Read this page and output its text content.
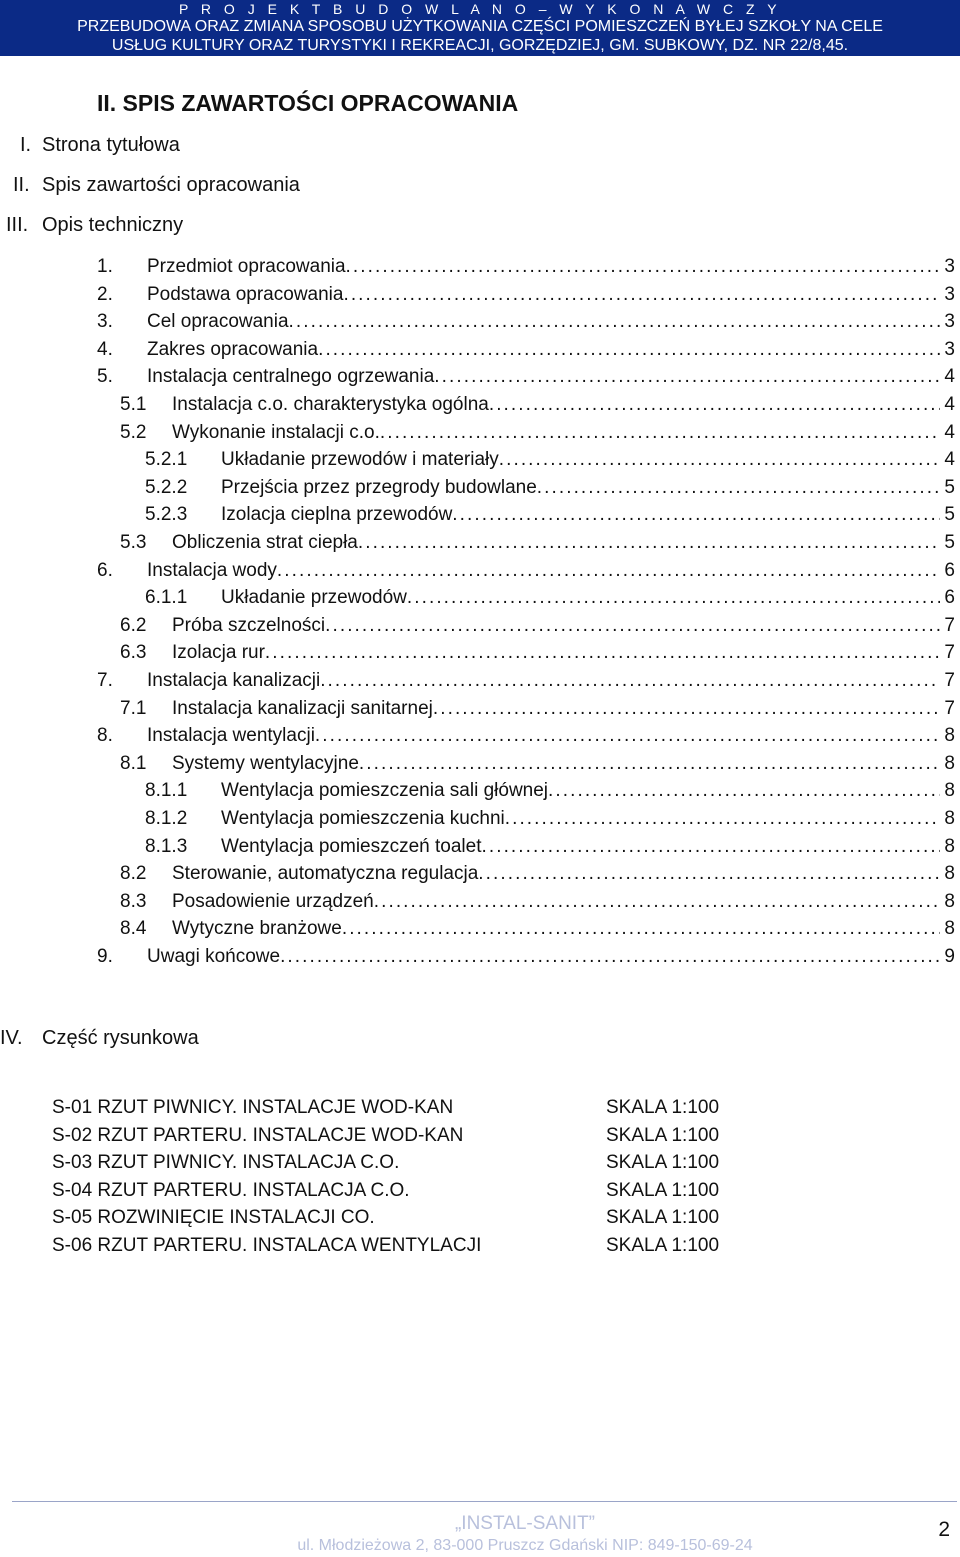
P R O J E K T B U D O W L A N O – W Y K O N A W C Z Y
PRZEBUDOWA ORAZ ZMIANA SPOSOBU UŻYTKOWANIA CZĘŚCI POMIESZCZEŃ BYŁEJ SZKOŁY NA CELE
USŁUG KULTURY ORAZ TURYSTYKI I REKREACJI, GORZĘDZIEJ, GM. SUBKOWY, DZ. NR 22/8,45.
II. SPIS ZAWARTOŚCI OPRACOWANIA
I. Strona tytułowa
II. Spis zawartości opracowania
III. Opis techniczny
IV. Część rysunkowa
1.	Przedmiot opracowania . . .	3
2.	Podstawa opracowania . . .	3
3.	Cel opracowania . . .	3
4.	Zakres opracowania . . .	3
5.	Instalacja centralnego ogrzewania . . .	4
5.1	Instalacja c.o. charakterystyka ogólna . . .	4
5.2	Wykonanie instalacji c.o. . . .	4
5.2.1	Układanie przewodów i materiały . . .	4
5.2.2	Przejścia przez przegrody budowlane . . .	5
5.2.3	Izolacja cieplna przewodów . . .	5
5.3	Obliczenia strat ciepła . . .	5
6.	Instalacja wody . . .	6
6.1.1	Układanie przewodów . . .	6
6.2	Próba szczelności . . .	7
6.3	Izolacja rur . . .	7
7.	Instalacja kanalizacji . . .	7
7.1	Instalacja kanalizacji sanitarnej . . .	7
8.	Instalacja wentylacji . . .	8
8.1	Systemy wentylacyjne . . .	8
8.1.1	Wentylacja pomieszczenia sali głównej . . .	8
8.1.2	Wentylacja pomieszczenia kuchni . . .	8
8.1.3	Wentylacja pomieszczeń toalet . . .	8
8.2	Sterowanie, automatyczna regulacja . . .	8
8.3	Posadowienie urządzeń . . .	8
8.4	Wytyczne branżowe . . .	8
9.	Uwagi końcowe . . .	9
S-01 RZUT PIWNICY. INSTALACJE WOD-KAN	SKALA 1:100
S-02 RZUT PARTERU. INSTALACJE WOD-KAN	SKALA 1:100
S-03 RZUT PIWNICY. INSTALACJA C.O.	SKALA 1:100
S-04 RZUT PARTERU. INSTALACJA C.O.	SKALA 1:100
S-05 ROZWINIĘCIE INSTALACJI CO.	SKALA 1:100
S-06 RZUT PARTERU. INSTALACA WENTYLACJI	SKALA 1:100
„INSTAL-SANIT”
ul. Młodzieżowa 2, 83-000 Pruszcz Gdański NIP: 849-150-69-24
2
